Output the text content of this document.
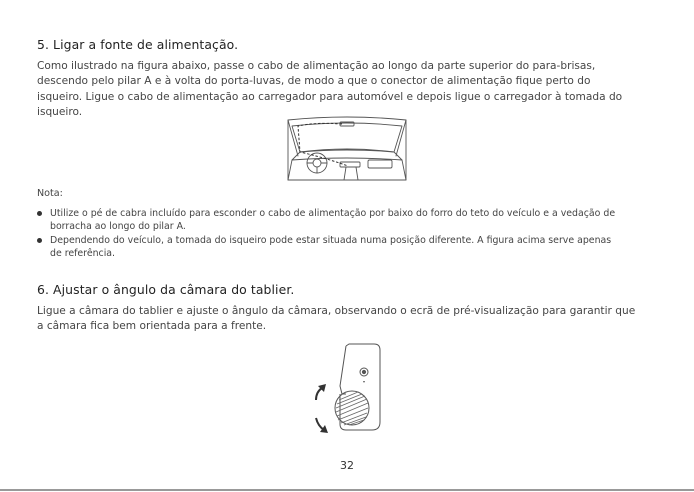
5. Ligar a fonte de alimentação.
Como ilustrado na figura abaixo, passe o cabo de alimentação ao longo da parte superior do para-brisas,
descendo pelo pilar A e à volta do porta-luvas, de modo a que o conector de alimentação fique perto do
isqueiro. Ligue o cabo de alimentação ao carregador para automóvel e depois ligue o carregador à tomada do
isqueiro.
Nota:
Utilize o pé de cabra incluído para esconder o cabo de alimentação por baixo do forro do teto do veículo e a vedação de
borracha ao longo do pilar A.
Dependendo do veículo, a tomada do isqueiro pode estar situada numa posição diferente. A figura acima serve apenas
de referência.
6. Ajustar o ângulo da câmara do tablier.
Ligue a câmara do tablier e ajuste o ângulo da câmara, observando o ecrã de pré-visualização para garantir que
a câmara fica bem orientada para a frente.
32
